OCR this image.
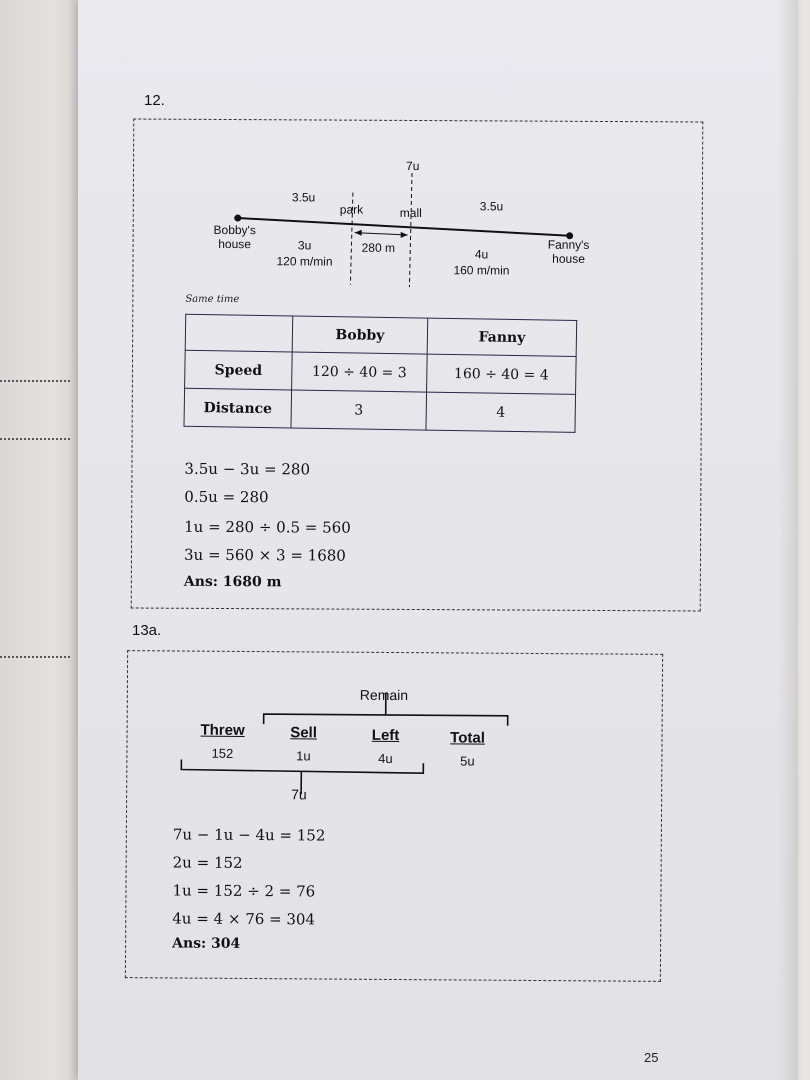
12.
7u
3.5u
park	mall	3.5u
Bobby's
house	Fanny's
house
280 m
3u
120 m/min	4u
160 m/min
Same time
	Bobby	Fanny
Speed	120 ÷ 40 = 3	160 ÷ 40 = 4
Distance	3	4
3.5u − 3u = 280
0.5u = 280
1u = 280 ÷ 0.5 = 560
3u = 560 × 3 = 1680
Ans: 1680 m
13a.
Remain
Threw
152
Sell
1u
Left
4u
Total
5u
7u
7u − 1u − 4u = 152
2u = 152
1u = 152 ÷ 2 = 76
4u = 4 × 76 = 304
Ans: 304
25
